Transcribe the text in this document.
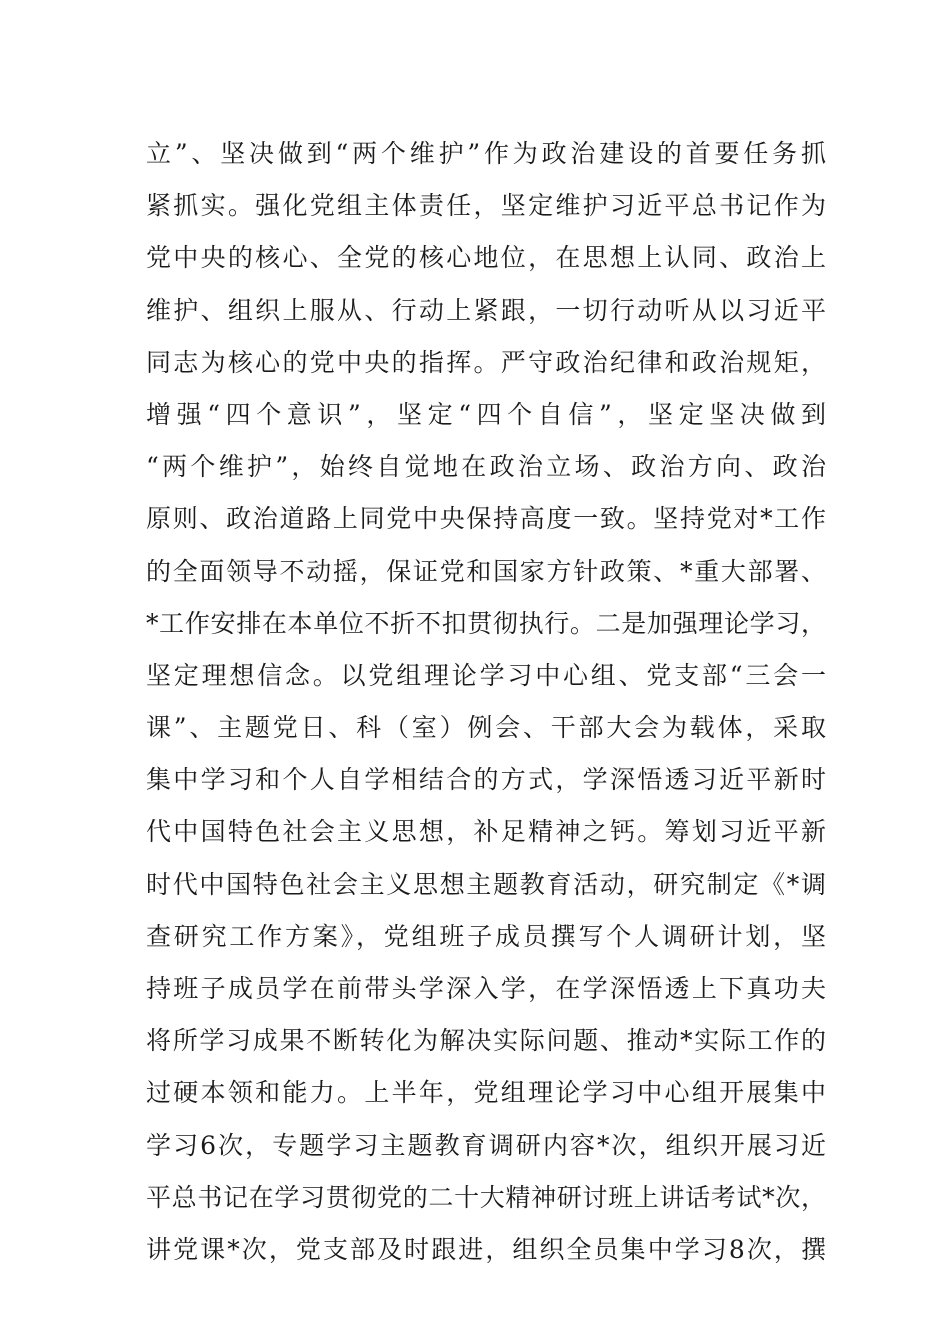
立”、坚决做到“两个维护”作为政治建设的首要任务抓
紧抓实。强化党组主体责任，坚定维护习近平总书记作为
党中央的核心、全党的核心地位，在思想上认同、政治上
维护、组织上服从、行动上紧跟，一切行动听从以习近平
同志为核心的党中央的指挥。严守政治纪律和政治规矩，
增强“四个意识”，坚定“四个自信”，坚定坚决做到
“两个维护”，始终自觉地在政治立场、政治方向、政治
原则、政治道路上同党中央保持高度一致。坚持党对*工作
的全面领导不动摇，保证党和国家方针政策、*重大部署、
*工作安排在本单位不折不扣贯彻执行。二是加强理论学习，
坚定理想信念。以党组理论学习中心组、党支部“三会一
课”、主题党日、科（室）例会、干部大会为载体，采取
集中学习和个人自学相结合的方式，学深悟透习近平新时
代中国特色社会主义思想，补足精神之钙。筹划习近平新
时代中国特色社会主义思想主题教育活动，研究制定《*调
查研究工作方案》，党组班子成员撰写个人调研计划，坚
持班子成员学在前带头学深入学，在学深悟透上下真功夫
将所学习成果不断转化为解决实际问题、推动*实际工作的
过硬本领和能力。上半年，党组理论学习中心组开展集中
学习6次，专题学习主题教育调研内容*次，组织开展习近
平总书记在学习贯彻党的二十大精神研讨班上讲话考试*次，
讲党课*次，党支部及时跟进，组织全员集中学习8次，撰
